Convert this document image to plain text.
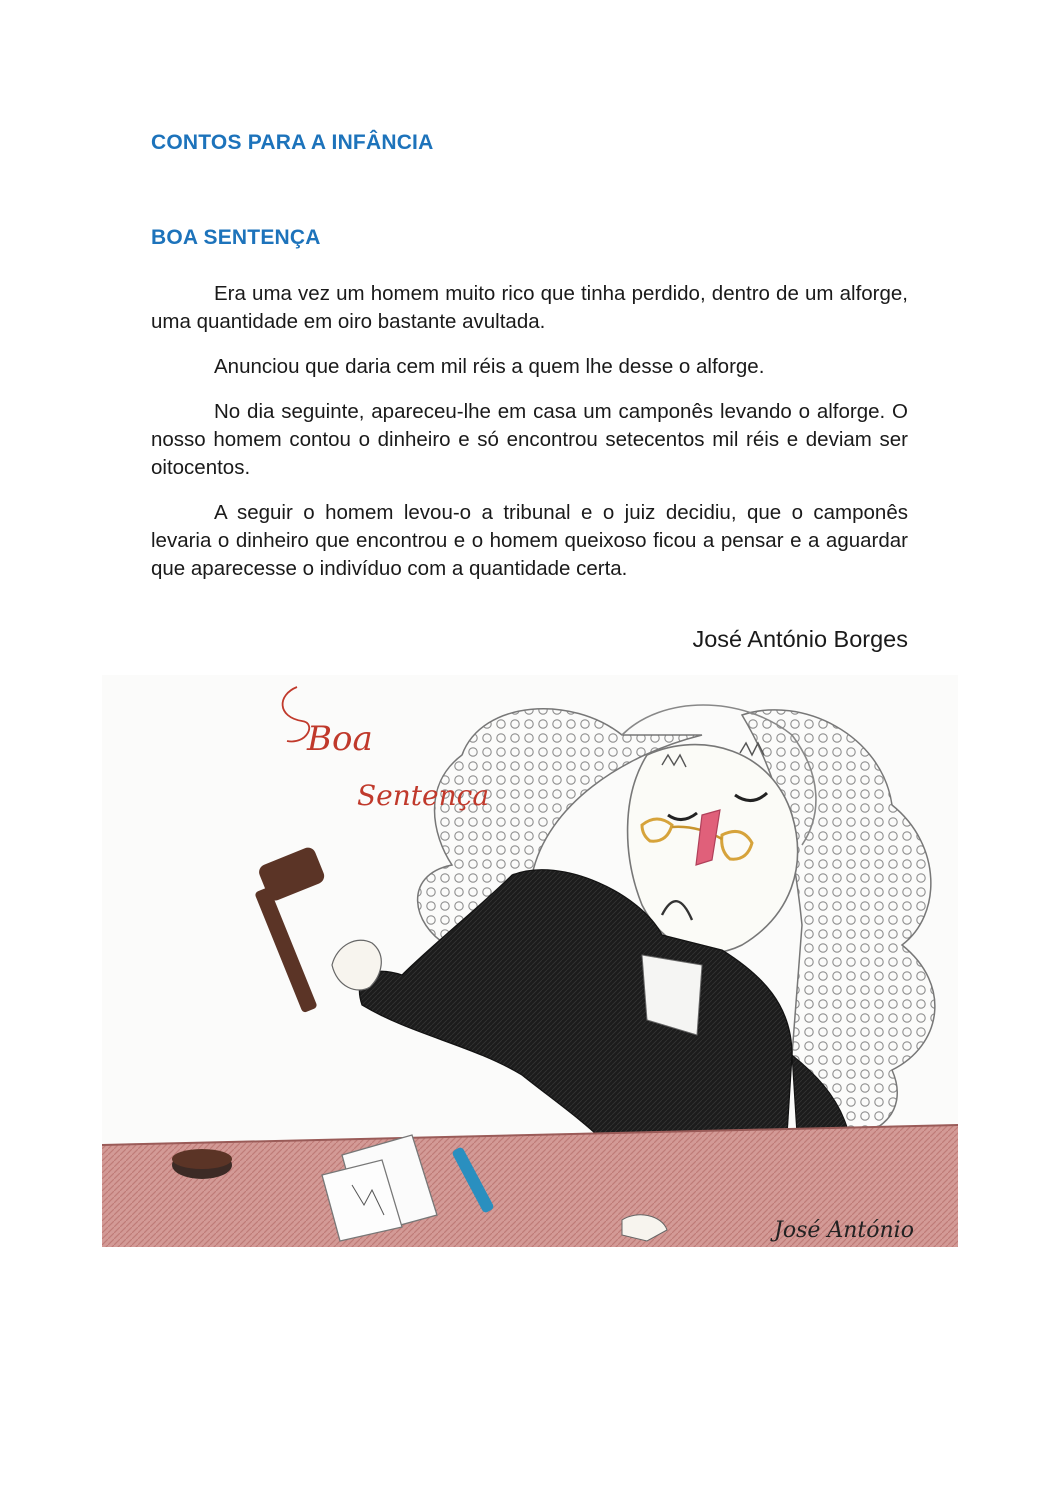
CONTOS PARA A INFÂNCIA
BOA SENTENÇA

Era uma vez um homem muito rico que tinha perdido, dentro de um alforge, uma quantidade em oiro bastante avultada.

Anunciou que daria cem mil réis a quem lhe desse o alforge.

No dia seguinte, apareceu-lhe em casa um camponês levando o alforge. O nosso homem contou o dinheiro e só encontrou setecentos mil réis e deviam ser oitocentos.

A seguir o homem levou-o a tribunal e o juiz decidiu, que o camponês levaria o dinheiro que encontrou e o homem queixoso ficou a pensar e a aguardar que aparecesse o indivíduo com a quantidade certa.

José António Borges
Boa
Sentença
José António
